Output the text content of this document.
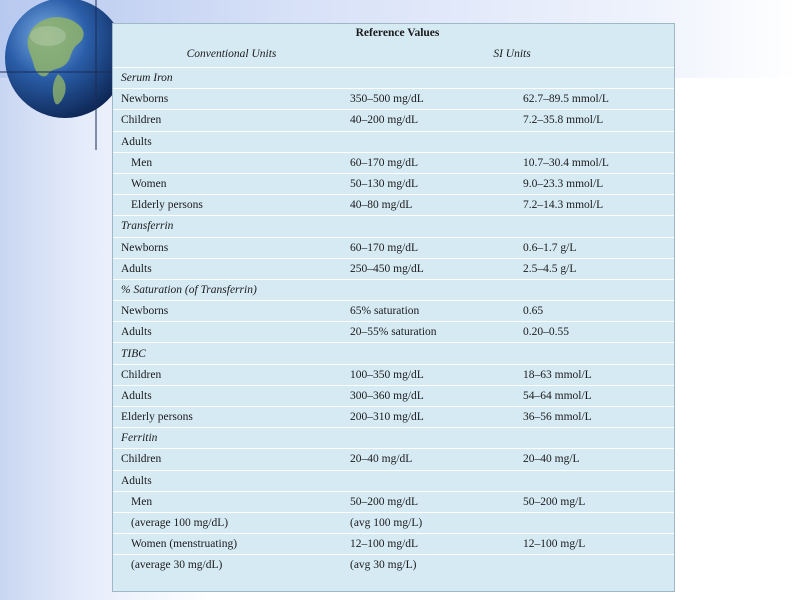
Reference Values		
Conventional Units	SI Units	
Serum Iron		
Newborns	350–500 mg/dL	62.7–89.5 mmol/L
Children	40–200 mg/dL	7.2–35.8 mmol/L
Adults		
Men	60–170 mg/dL	10.7–30.4 mmol/L
Women	50–130 mg/dL	9.0–23.3 mmol/L
Elderly persons	40–80 mg/dL	7.2–14.3 mmol/L
Transferrin		
Newborns	60–170 mg/dL	0.6–1.7 g/L
Adults	250–450 mg/dL	2.5–4.5 g/L
% Saturation (of Transferrin)		
Newborns	65% saturation	0.65
Adults	20–55% saturation	0.20–0.55
TIBC		
Children	100–350 mg/dL	18–63 mmol/L
Adults	300–360 mg/dL	54–64 mmol/L
Elderly persons	200–310 mg/dL	36–56 mmol/L
Ferritin		
Children	20–40 mg/dL	20–40 mg/L
Adults		
Men	50–200 mg/dL	50–200 mg/L
(average 100 mg/dL)	(avg 100 mg/L)	
Women (menstruating)	12–100 mg/dL	12–100 mg/L
(average 30 mg/dL)	(avg 30 mg/L)	
